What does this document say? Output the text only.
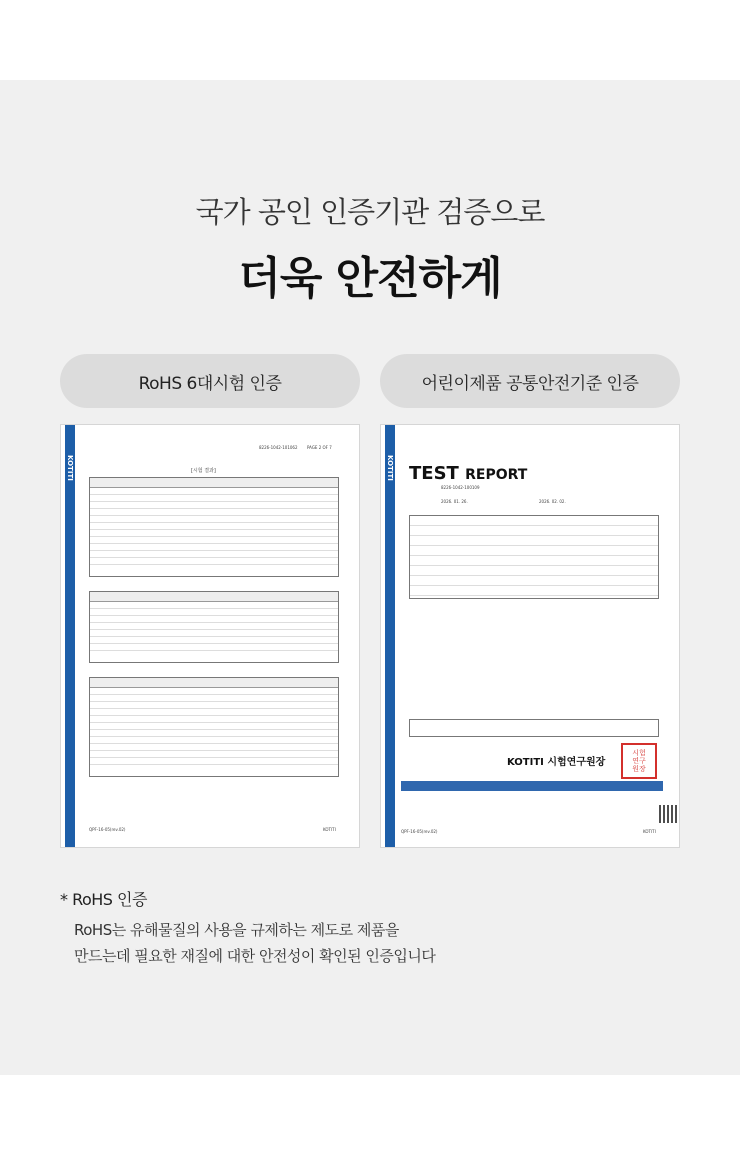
국가 공인 인증기관 검증으로
더욱 안전하게
RoHS 6대시험 인증	어린이제품 공통안전기준 인증
KOTITI
8226-1042-101062 PAGE 2 OF 7
[시험 결과]
QPF-16-05(rev.02)	KOTITI
KOTITI TEST REPORT
8226-1042-100109
2026. 01. 26.	2026. 02. 02.
KOTITI 시험연구원장
시험
연구
원장
QPF-16-05(rev.02)	KOTITI
* RoHS 인증

RoHS는 유해물질의 사용을 규제하는 제도로 제품을

만드는데 필요한 재질에 대한 안전성이 확인된 인증입니다
